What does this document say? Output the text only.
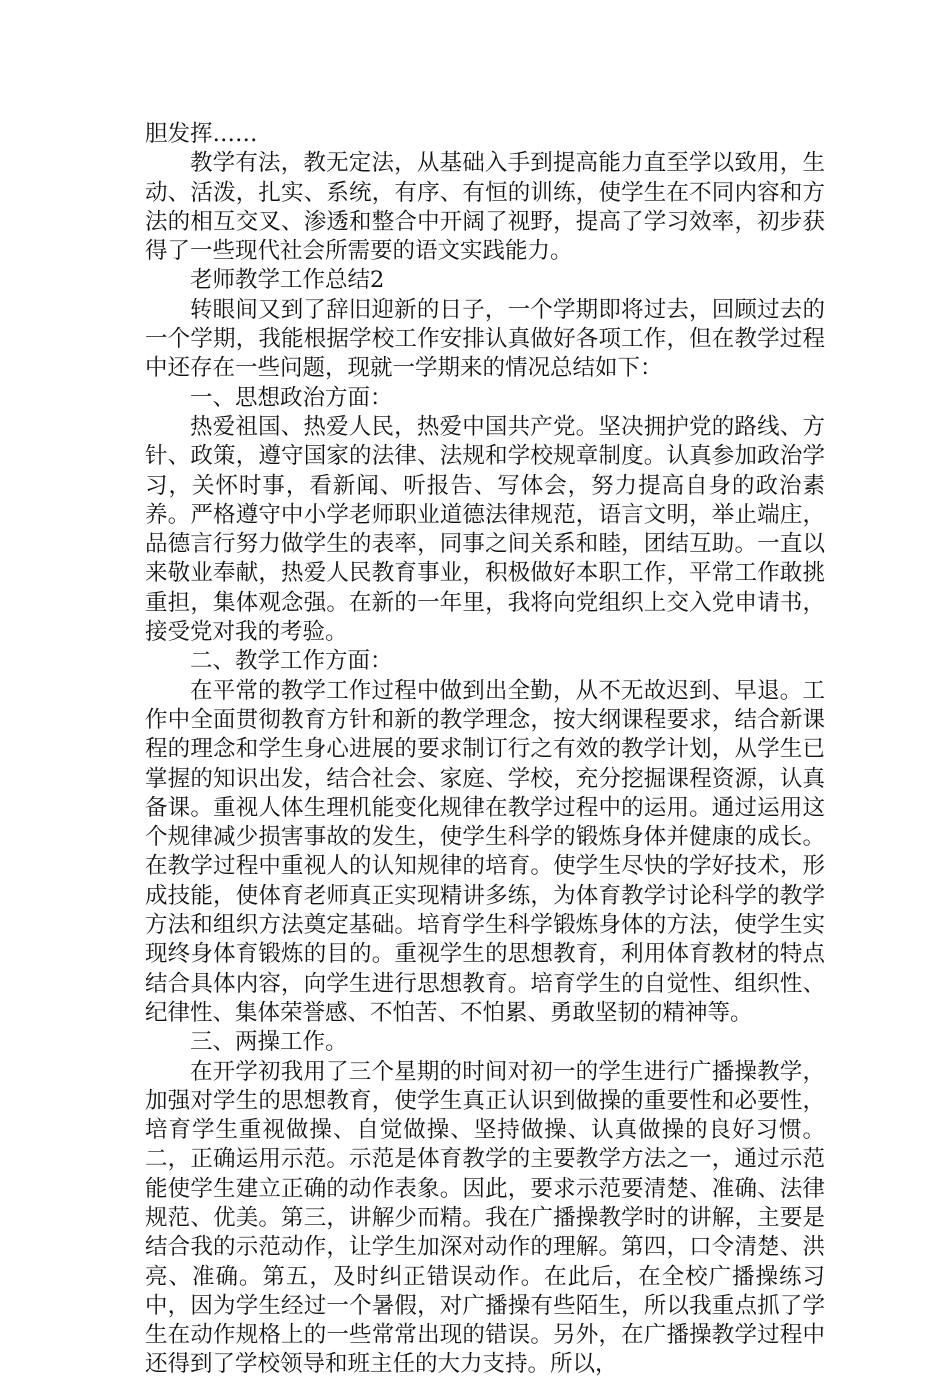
胆发挥……

教学有法，教无定法，从基础入手到提高能力直至学以致用，生动、活泼，扎实、系统，有序、有恒的训练，使学生在不同内容和方法的相互交叉、渗透和整合中开阔了视野，提高了学习效率，初步获得了一些现代社会所需要的语文实践能力。

老师教学工作总结2

转眼间又到了辞旧迎新的日子，一个学期即将过去，回顾过去的一个学期，我能根据学校工作安排认真做好各项工作，但在教学过程中还存在一些问题，现就一学期来的情况总结如下：

一、思想政治方面：

热爱祖国、热爱人民，热爱中国共产党。坚决拥护党的路线、方针、政策，遵守国家的法律、法规和学校规章制度。认真参加政治学习，关怀时事，看新闻、听报告、写体会，努力提高自身的政治素养。严格遵守中小学老师职业道德法律规范，语言文明，举止端庄，品德言行努力做学生的表率，同事之间关系和睦，团结互助。一直以来敬业奉献，热爱人民教育事业，积极做好本职工作，平常工作敢挑重担，集体观念强。在新的一年里，我将向党组织上交入党申请书，接受党对我的考验。

二、教学工作方面：

在平常的教学工作过程中做到出全勤，从不无故迟到、早退。工作中全面贯彻教育方针和新的教学理念，按大纲课程要求，结合新课程的理念和学生身心进展的要求制订行之有效的教学计划，从学生已掌握的知识出发，结合社会、家庭、学校，充分挖掘课程资源，认真备课。重视人体生理机能变化规律在教学过程中的运用。通过运用这个规律减少损害事故的发生，使学生科学的锻炼身体并健康的成长。在教学过程中重视人的认知规律的培育。使学生尽快的学好技术，形成技能，使体育老师真正实现精讲多练，为体育教学讨论科学的教学方法和组织方法奠定基础。培育学生科学锻炼身体的方法，使学生实现终身体育锻炼的目的。重视学生的思想教育，利用体育教材的特点结合具体内容，向学生进行思想教育。培育学生的自觉性、组织性、纪律性、集体荣誉感、不怕苦、不怕累、勇敢坚韧的精神等。

三、两操工作。

在开学初我用了三个星期的时间对初一的学生进行广播操教学，加强对学生的思想教育，使学生真正认识到做操的重要性和必要性，培育学生重视做操、自觉做操、坚持做操、认真做操的良好习惯。二，正确运用示范。示范是体育教学的主要教学方法之一，通过示范能使学生建立正确的动作表象。因此，要求示范要清楚、准确、法律规范、优美。第三，讲解少而精。我在广播操教学时的讲解，主要是结合我的示范动作，让学生加深对动作的理解。第四，口令清楚、洪亮、准确。第五，及时纠正错误动作。在此后，在全校广播操练习中，因为学生经过一个暑假，对广播操有些陌生，所以我重点抓了学生在动作规格上的一些常常出现的错误。另外，在广播操教学过程中还得到了学校领导和班主任的大力支持。所以，
